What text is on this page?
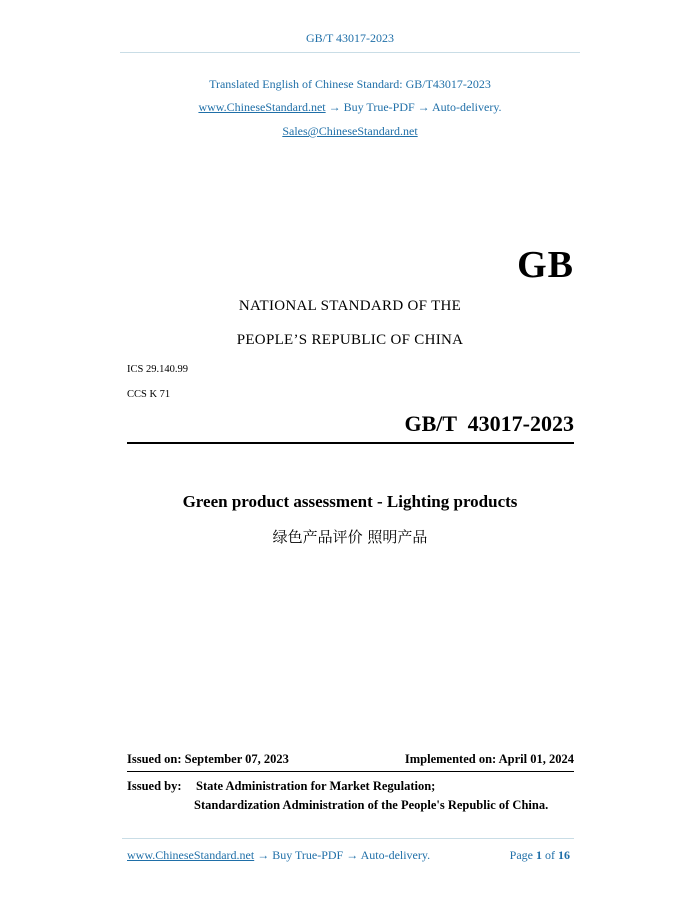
GB/T 43017-2023
Translated English of Chinese Standard: GB/T43017-2023
www.ChineseStandard.net → Buy True-PDF → Auto-delivery.
Sales@ChineseStandard.net
GB
NATIONAL STANDARD OF THE
PEOPLE’S REPUBLIC OF CHINA
ICS 29.140.99
CCS K 71
GB/T  43017-2023
Green product assessment - Lighting products
绿色产品评价 照明产品
Issued on: September 07, 2023	Implemented on: April 01, 2024
Issued by: State Administration for Market Regulation;
Standardization Administration of the People's Republic of China.
www.ChineseStandard.net → Buy True-PDF → Auto-delivery.	Page 1 of 16
